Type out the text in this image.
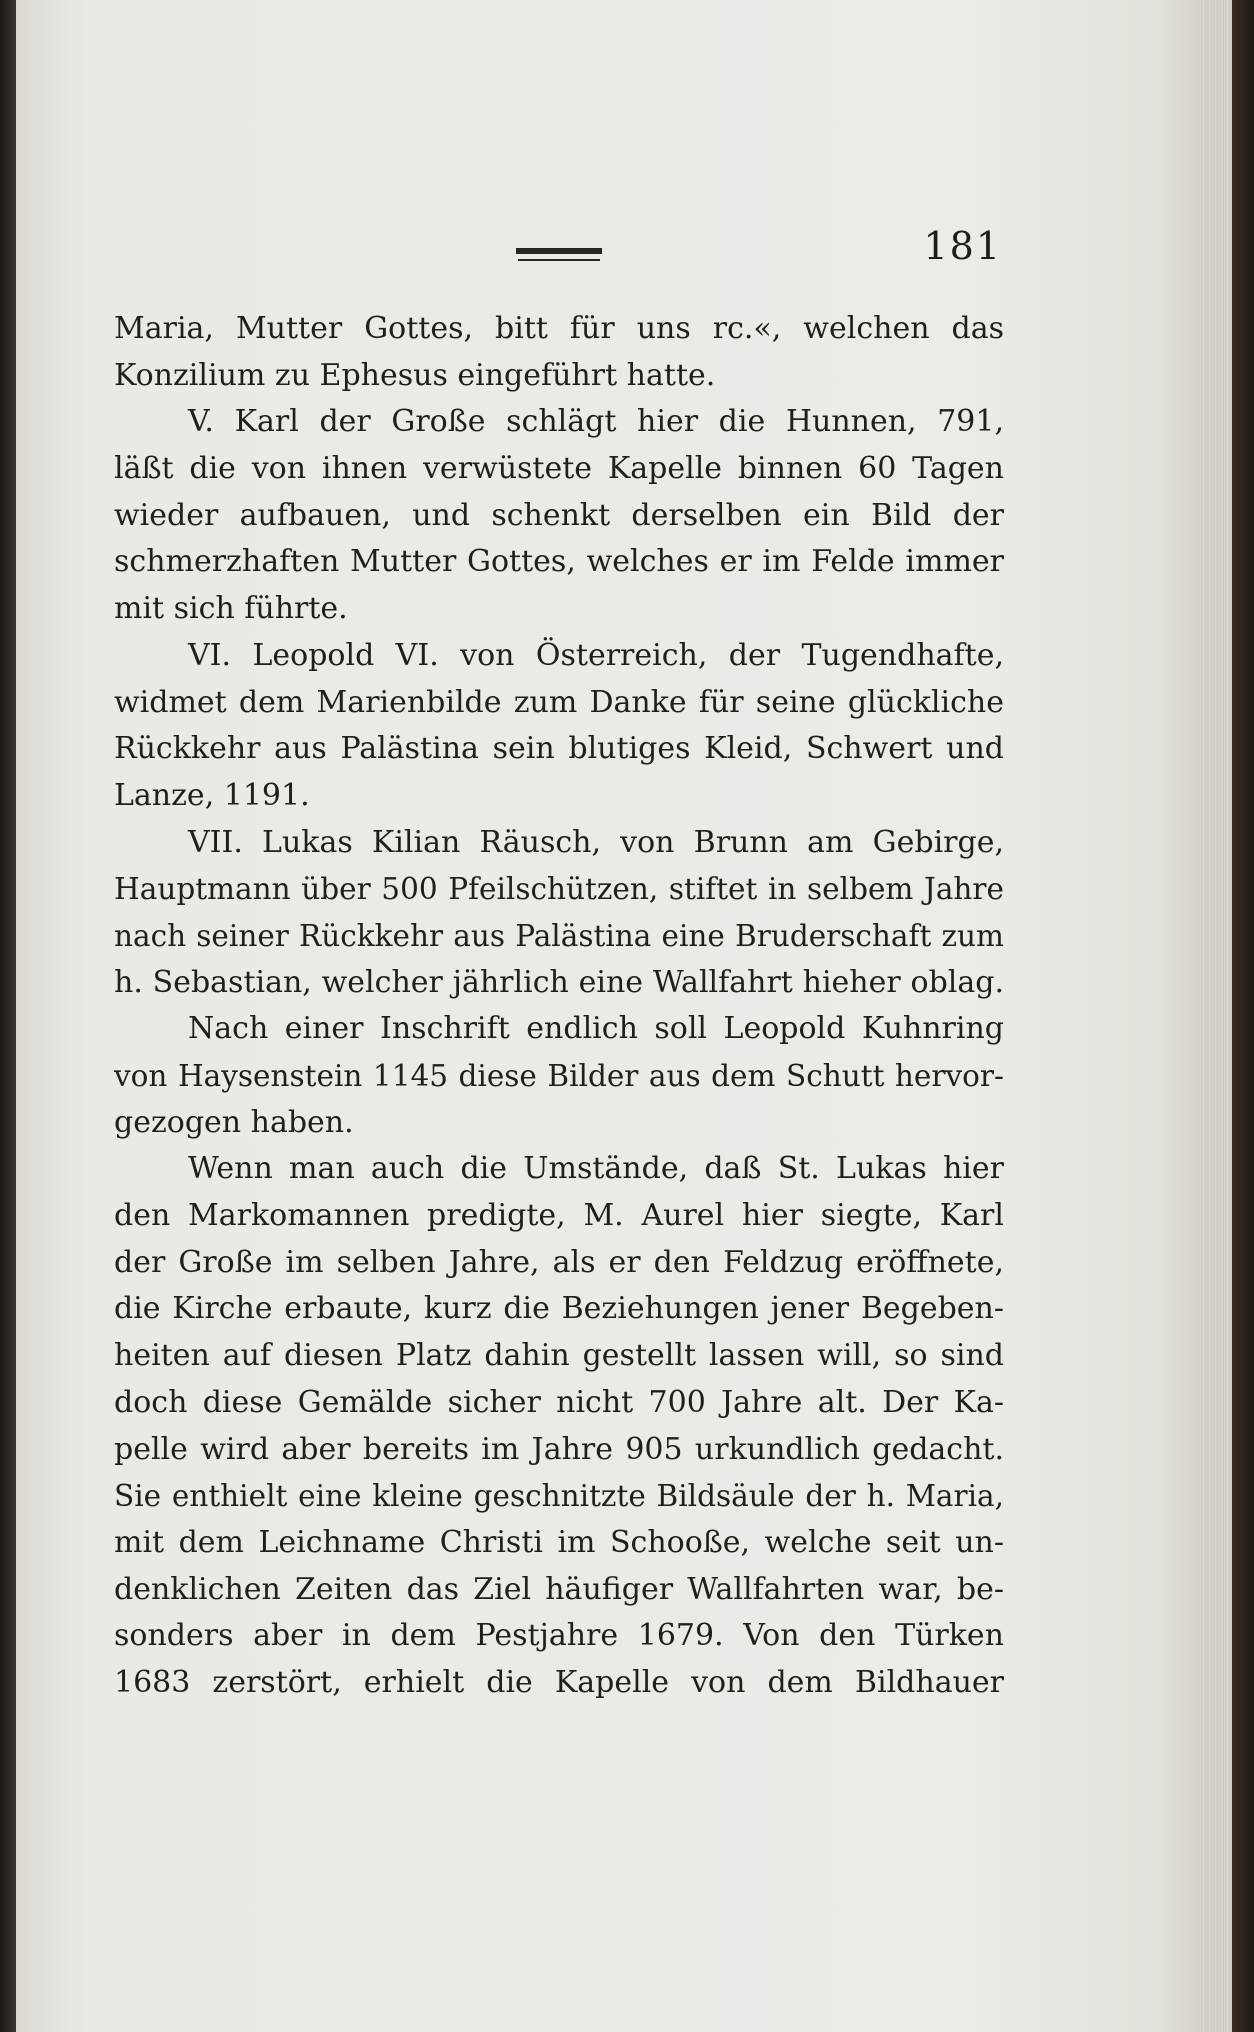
181
Maria, Mutter Gottes, bitt für uns rc.«, welchen das
Konzilium zu Ephesus eingeführt hatte.
V. Karl der Große schlägt hier die Hunnen, 791,
läßt die von ihnen verwüstete Kapelle binnen 60 Tagen
wieder aufbauen, und schenkt derselben ein Bild der
schmerzhaften Mutter Gottes, welches er im Felde immer
mit sich führte.
VI. Leopold VI. von Österreich, der Tugendhafte,
widmet dem Marienbilde zum Danke für seine glückliche
Rückkehr aus Palästina sein blutiges Kleid, Schwert und
Lanze, 1191.
VII. Lukas Kilian Räusch, von Brunn am Gebirge,
Hauptmann über 500 Pfeilschützen, stiftet in selbem Jahre
nach seiner Rückkehr aus Palästina eine Bruderschaft zum
h. Sebastian, welcher jährlich eine Wallfahrt hieher oblag.
Nach einer Inschrift endlich soll Leopold Kuhnring
von Haysenstein 1145 diese Bilder aus dem Schutt hervor-
gezogen haben.
Wenn man auch die Umstände, daß St. Lukas hier
den Markomannen predigte, M. Aurel hier siegte, Karl
der Große im selben Jahre, als er den Feldzug eröffnete,
die Kirche erbaute, kurz die Beziehungen jener Begeben-
heiten auf diesen Platz dahin gestellt lassen will, so sind
doch diese Gemälde sicher nicht 700 Jahre alt. Der Ka-
pelle wird aber bereits im Jahre 905 urkundlich gedacht.
Sie enthielt eine kleine geschnitzte Bildsäule der h. Maria,
mit dem Leichname Christi im Schooße, welche seit un-
denklichen Zeiten das Ziel häufiger Wallfahrten war, be-
sonders aber in dem Pestjahre 1679. Von den Türken
1683 zerstört, erhielt die Kapelle von dem Bildhauer
